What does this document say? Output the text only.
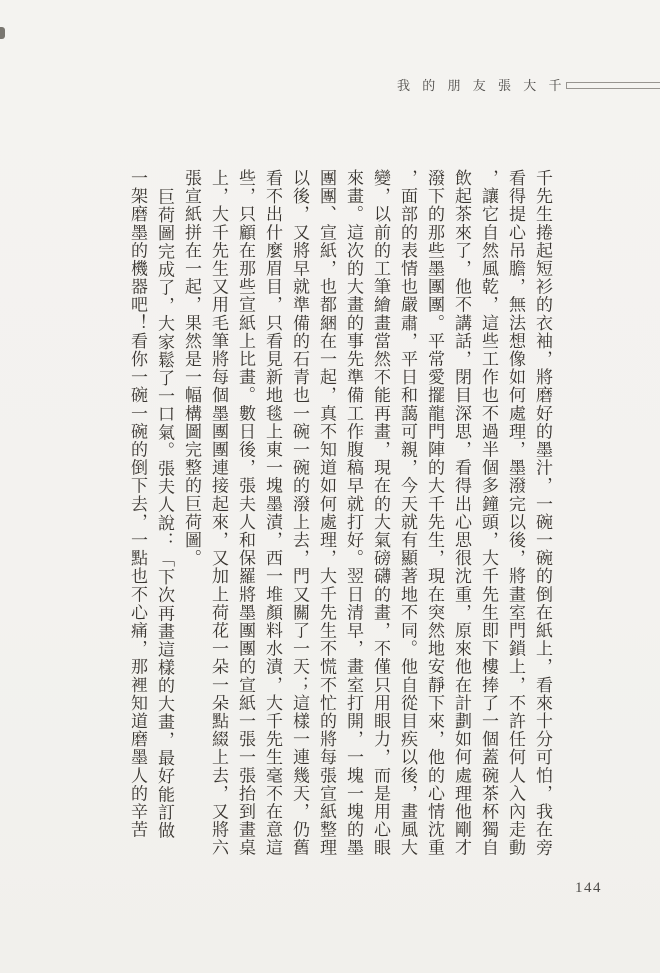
我 的 朋 友 張 大 千
千先生捲起短衫的衣袖，將磨好的墨汁，一碗一碗的倒在紙上，看來十分可怕，我在旁
看得提心吊膽，無法想像如何處理，墨潑完以後，將畫室門鎖上，不許任何人入內走動
，讓它自然風乾，這些工作也不過半個多鐘頭，大千先生即下樓捧了一個蓋碗茶杯獨自
飲起茶來了，他不講話，閉目深思，看得出心思很沈重，原來他在計劃如何處理他剛才
潑下的那些墨團團。平常愛擺龍門陣的大千先生，現在突然地安靜下來，他的心情沈重
，面部的表情也嚴肅，平日和藹可親，今天就有顯著地不同。他自從目疾以後，畫風大
變，以前的工筆繪畫當然不能再畫，現在的大氣磅礴的畫，不僅只用眼力，而是用心眼
來畫。這次的大畫的事先準備工作腹稿早就打好。翌日清早，畫室打開，一塊一塊的墨
團團、宣紙，也都綑在一起，真不知道如何處理，大千先生不慌不忙的將每張宣紙整理
以後，又將早就準備的石青也一碗一碗的潑上去，門又關了一天；這樣一連幾天，仍舊
看不出什麼眉目，只看見新地毯上東一塊墨漬，西一堆顏料水漬，大千先生毫不在意這
些，只顧在那些宣紙上比畫。數日後，張夫人和保羅將墨團團的宣紙一張一張抬到畫桌
上，大千先生又用毛筆將每個墨團團連接起來，又加上荷花一朵一朵點綴上去，又將六
張宣紙拼在一起，果然是一幅構圖完整的巨荷圖。
巨荷圖完成了，大家鬆了一口氣。張夫人說：「下次再畫這樣的大畫，最好能訂做
一架磨墨的機器吧！看你一碗一碗的倒下去，一點也不心痛，那裡知道磨墨人的辛苦
144
